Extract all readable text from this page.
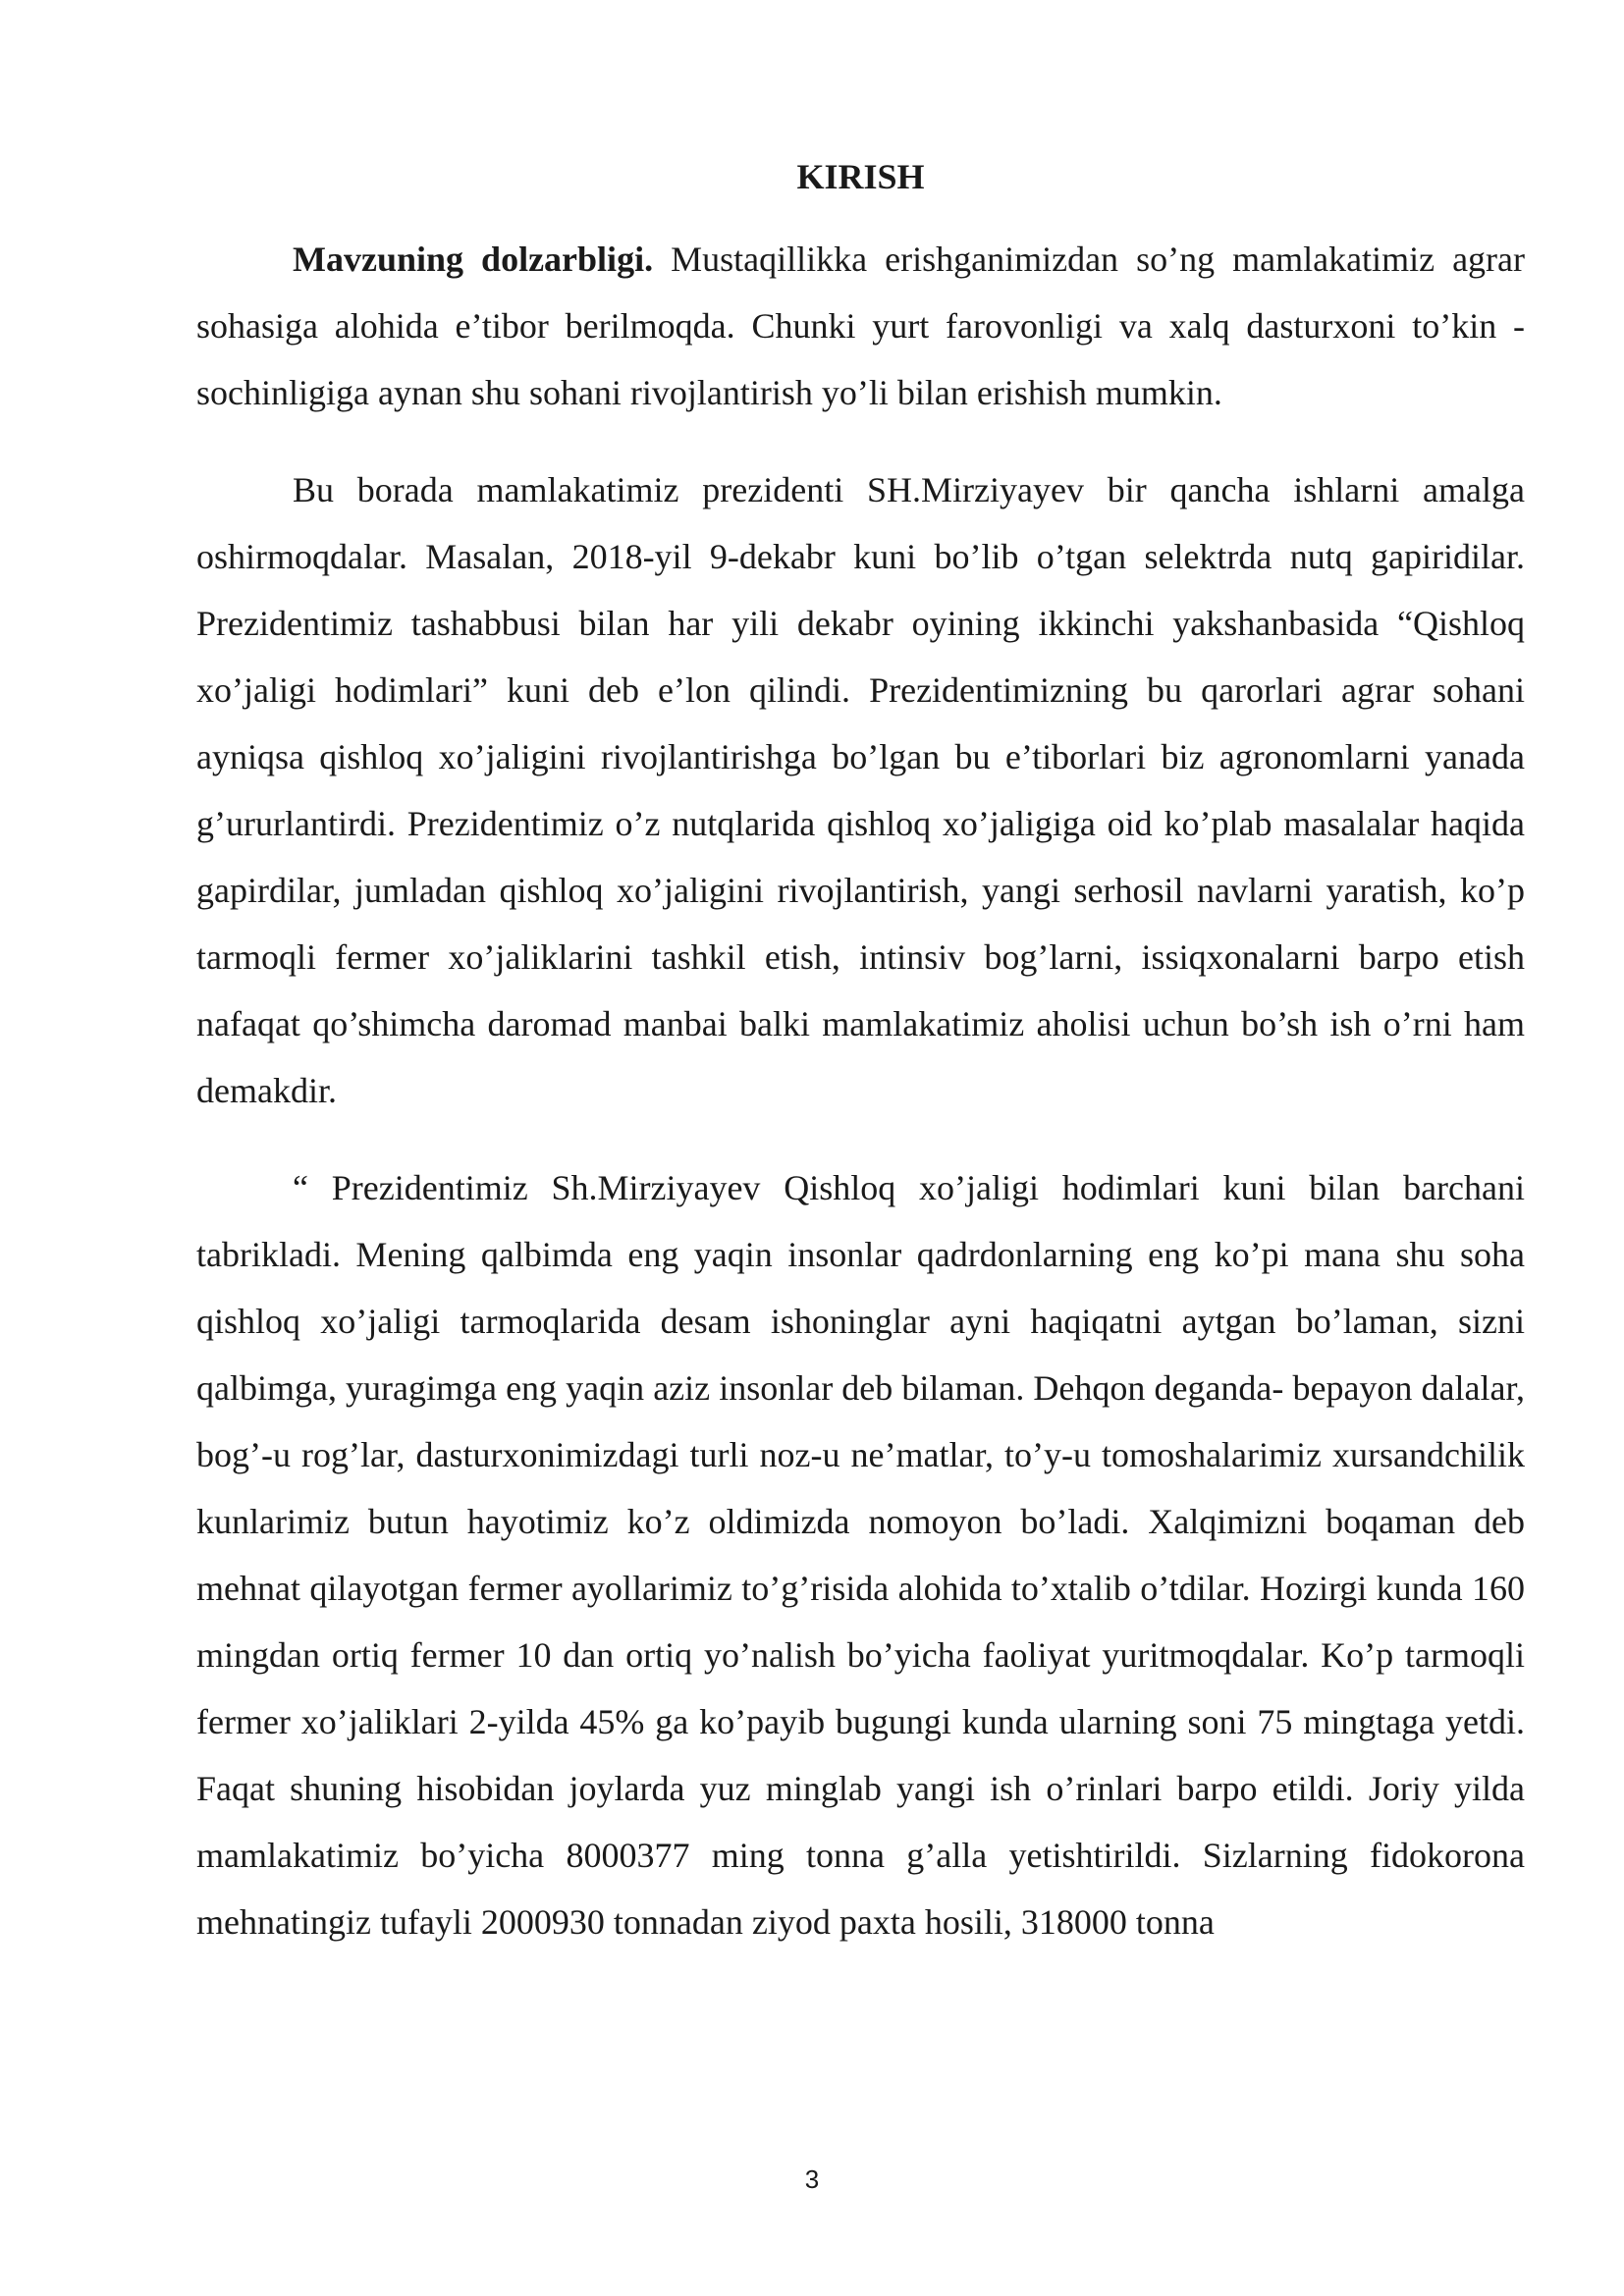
KIRISH

Mavzuning dolzarbligi. Mustaqillikka erishganimizdan so’ng mamlakatimiz agrar sohasiga alohida e’tibor berilmoqda. Chunki yurt farovonligi va xalq dasturxoni to’kin - sochinligiga aynan shu sohani rivojlantirish yo’li bilan erishish mumkin.

Bu borada mamlakatimiz prezidenti SH.Mirziyayev bir qancha ishlarni amalga oshirmoqdalar. Masalan, 2018-yil 9-dekabr kuni bo’lib o’tgan selektrda nutq gapiridilar. Prezidentimiz tashabbusi bilan har yili dekabr oyining ikkinchi yakshanbasida “Qishloq xo’jaligi hodimlari” kuni deb e’lon qilindi. Prezidentimizning bu qarorlari agrar sohani ayniqsa qishloq xo’jaligini rivojlantirishga bo’lgan bu e’tiborlari biz agronomlarni yanada g’ururlantirdi. Prezidentimiz o’z nutqlarida qishloq xo’jaligiga oid ko’plab masalalar haqida gapirdilar, jumladan qishloq xo’jaligini rivojlantirish, yangi serhosil navlarni yaratish, ko’p tarmoqli fermer xo’jaliklarini tashkil etish, intinsiv bog’larni, issiqxonalarni barpo etish nafaqat qo’shimcha daromad manbai balki mamlakatimiz aholisi uchun bo’sh ish o’rni ham demakdir.

“ Prezidentimiz Sh.Mirziyayev Qishloq xo’jaligi hodimlari kuni bilan barchani tabrikladi. Mening qalbimda eng yaqin insonlar qadrdonlarning eng ko’pi mana shu soha qishloq xo’jaligi tarmoqlarida desam ishoninglar ayni haqiqatni aytgan bo’laman, sizni qalbimga, yuragimga eng yaqin aziz insonlar deb bilaman. Dehqon deganda- bepayon dalalar, bog’-u rog’lar, dasturxonimizdagi turli noz-u ne’matlar, to’y-u tomoshalarimiz xursandchilik kunlarimiz butun hayotimiz ko’z oldimizda nomoyon bo’ladi. Xalqimizni boqaman deb mehnat qilayotgan fermer ayollarimiz to’g’risida alohida to’xtalib o’tdilar. Hozirgi kunda 160 mingdan ortiq fermer 10 dan ortiq yo’nalish bo’yicha faoliyat yuritmoqdalar. Ko’p tarmoqli fermer xo’jaliklari 2-yilda 45% ga ko’payib bugungi kunda ularning soni 75 mingtaga yetdi. Faqat shuning hisobidan joylarda yuz minglab yangi ish o’rinlari barpo etildi. Joriy yilda mamlakatimiz bo’yicha 8000377 ming tonna g’alla yetishtirildi. Sizlarning fidokorona mehnatingiz tufayli 2000930 tonnadan ziyod paxta hosili, 318000 tonna

3
